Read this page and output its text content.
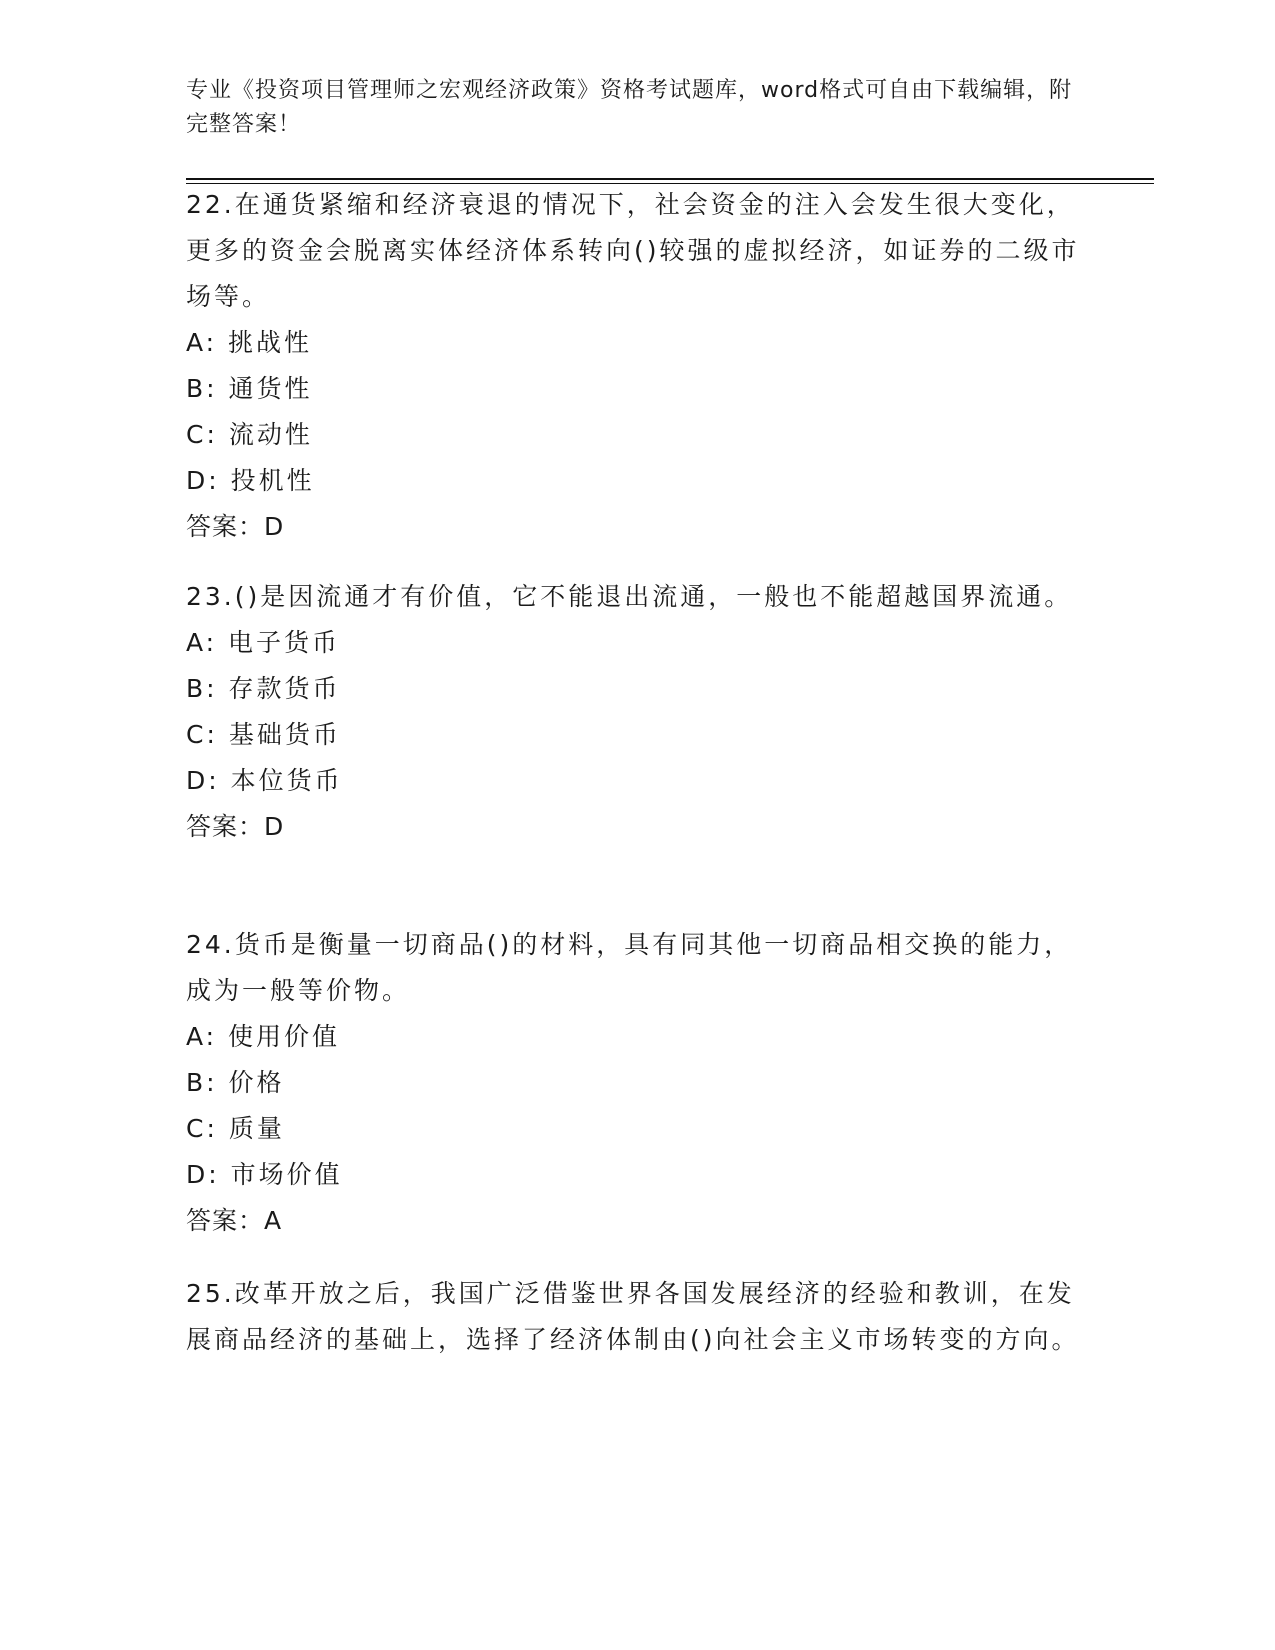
专业《投资项目管理师之宏观经济政策》资格考试题库，word格式可自由下载编辑，附完整答案！

22.在通货紧缩和经济衰退的情况下，社会资金的注入会发生很大变化，更多的资金会脱离实体经济体系转向()较强的虚拟经济，如证券的二级市场等。

A: 挑战性

B: 通货性

C: 流动性

D: 投机性

答案：D

23.()是因流通才有价值，它不能退出流通，一般也不能超越国界流通。

A: 电子货币

B: 存款货币

C: 基础货币

D: 本位货币

答案：D

24.货币是衡量一切商品()的材料，具有同其他一切商品相交换的能力，成为一般等价物。

A: 使用价值

B: 价格

C: 质量

D: 市场价值

答案：A

25.改革开放之后，我国广泛借鉴世界各国发展经济的经验和教训，在发展商品经济的基础上，选择了经济体制由()向社会主义市场转变的方向。
